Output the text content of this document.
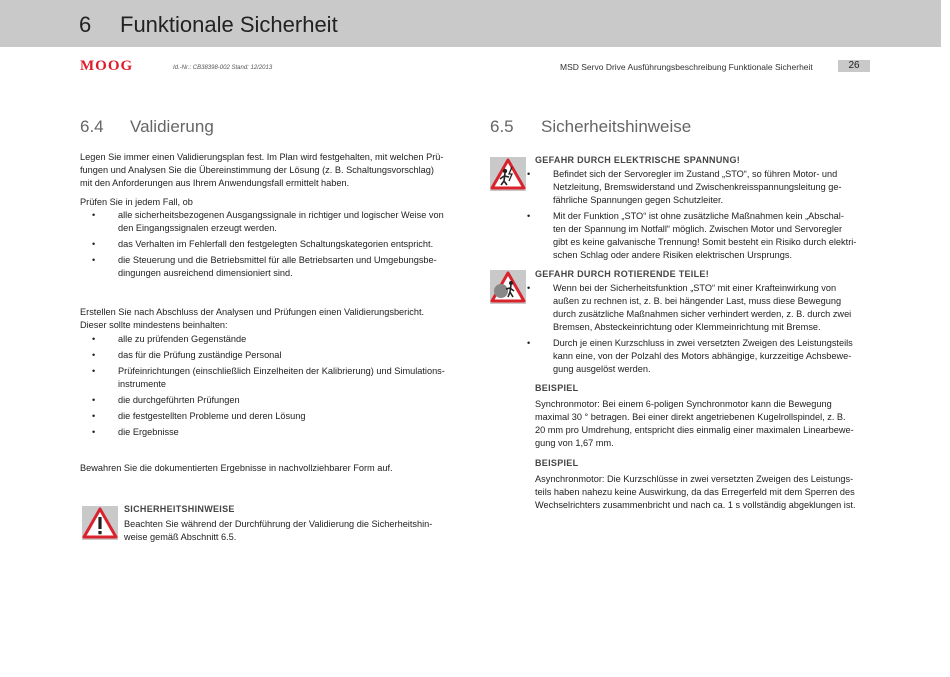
6 Funktionale Sicherheit
MOOG	Id.-Nr.: CB38398-002 Stand: 12/2013	MSD Servo Drive Ausführungsbeschreibung Funktionale Sicherheit	26
6.4 Validierung
Legen Sie immer einen Validierungsplan fest. Im Plan wird festgehalten, mit welchen Prü-
fungen und Analysen Sie die Übereinstimmung der Lösung (z. B. Schaltungsvorschlag)
mit den Anforderungen aus Ihrem Anwendungsfall ermittelt haben.
Prüfen Sie in jedem Fall, ob
• alle sicherheitsbezogenen Ausgangssignale in richtiger und logischer Weise von
den Eingangssignalen erzeugt werden.
• das Verhalten im Fehlerfall den festgelegten Schaltungskategorien entspricht.
• die Steuerung und die Betriebsmittel für alle Betriebsarten und Umgebungsbe-
dingungen ausreichend dimensioniert sind.
Erstellen Sie nach Abschluss der Analysen und Prüfungen einen Validierungsbericht.
Dieser sollte mindestens beinhalten:
• alle zu prüfenden Gegenstände
• das für die Prüfung zuständige Personal
• Prüfeinrichtungen (einschließlich Einzelheiten der Kalibrierung) und Simulations-
instrumente
• die durchgeführten Prüfungen
• die festgestellten Probleme und deren Lösung
• die Ergebnisse
Bewahren Sie die dokumentierten Ergebnisse in nachvollziehbarer Form auf.
SICHERHEITSHINWEISE
Beachten Sie während der Durchführung der Validierung die Sicherheitshin-
weise gemäß Abschnitt 6.5.
6.5 Sicherheitshinweise
GEFAHR DURCH ELEKTRISCHE SPANNUNG!
• Befindet sich der Servoregler im Zustand „STO“, so führen Motor- und
Netzleitung, Bremswiderstand und Zwischenkreisspannungsleitung ge-
fährliche Spannungen gegen Schutzleiter.
• Mit der Funktion „STO“ ist ohne zusätzliche Maßnahmen kein „Abschal-
ten der Spannung im Notfall“ möglich. Zwischen Motor und Servoregler
gibt es keine galvanische Trennung! Somit besteht ein Risiko durch elektri-
schen Schlag oder andere Risiken elektrischen Ursprungs.
GEFAHR DURCH ROTIERENDE TEILE!
• Wenn bei der Sicherheitsfunktion „STO“ mit einer Krafteinwirkung von
außen zu rechnen ist, z. B. bei hängender Last, muss diese Bewegung
durch zusätzliche Maßnahmen sicher verhindert werden, z. B. durch zwei
Bremsen, Absteckeinrichtung oder Klemmeinrichtung mit Bremse.
• Durch je einen Kurzschluss in zwei versetzten Zweigen des Leistungsteils
kann eine, von der Polzahl des Motors abhängige, kurzzeitige Achsbewe-
gung ausgelöst werden.
BEISPIEL
Synchronmotor: Bei einem 6-poligen Synchronmotor kann die Bewegung
maximal 30 ° betragen. Bei einer direkt angetriebenen Kugelrollspindel, z. B.
20 mm pro Umdrehung, entspricht dies einmalig einer maximalen Linearbewe-
gung von 1,67 mm.
BEISPIEL
Asynchronmotor: Die Kurzschlüsse in zwei versetzten Zweigen des Leistungs-
teils haben nahezu keine Auswirkung, da das Erregerfeld mit dem Sperren des
Wechselrichters zusammenbricht und nach ca. 1 s vollständig abgeklungen ist.
